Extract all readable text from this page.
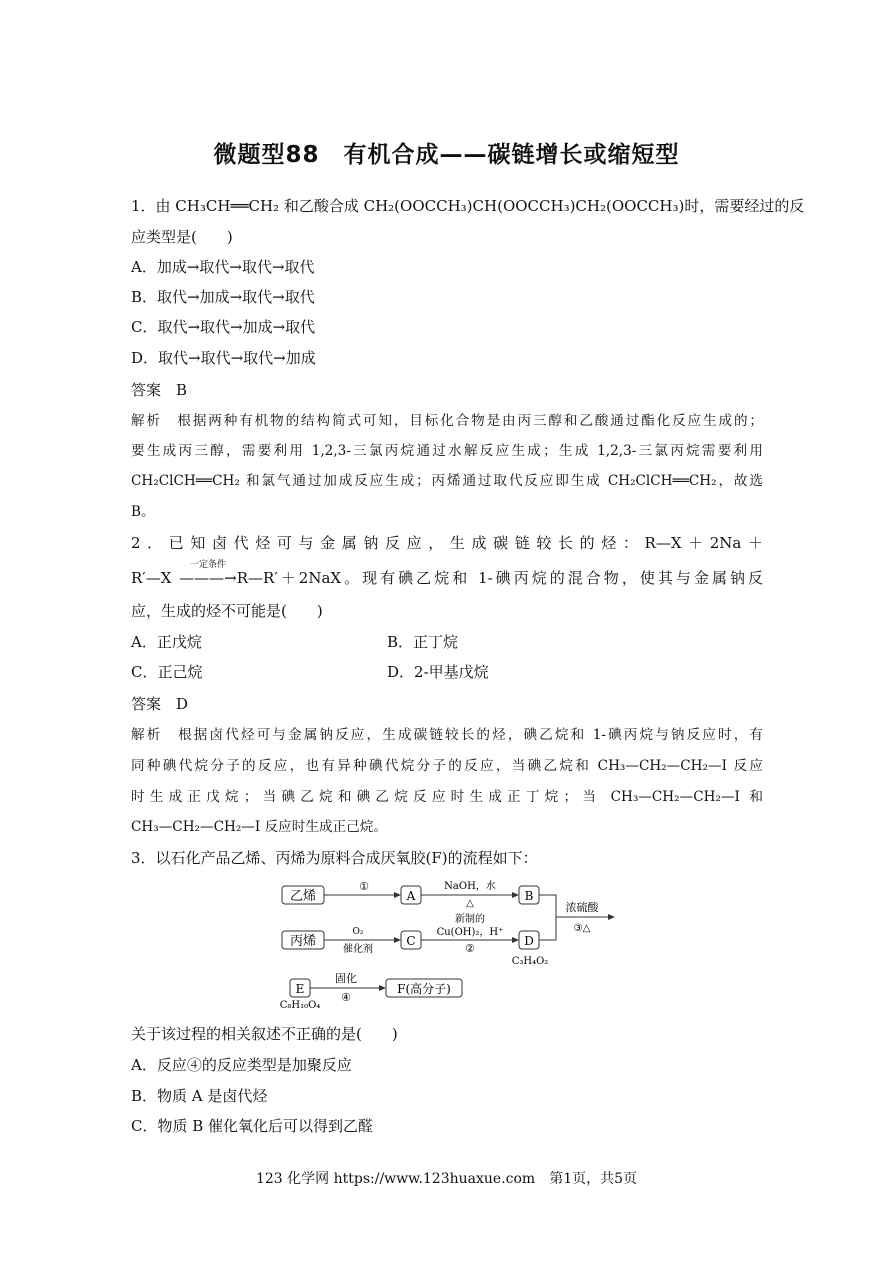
微题型88　有机合成——碳链增长或缩短型
1．由 CH₃CH══CH₂ 和乙酸合成 CH₂(OOCCH₃)CH(OOCCH₃)CH₂(OOCCH₃)时，需要经过的反
应类型是(　　)
A．加成→取代→取代→取代
B．取代→加成→取代→取代
C．取代→取代→加成→取代
D．取代→取代→取代→加成
答案　B
解析　根据两种有机物的结构简式可知，目标化合物是由丙三醇和乙酸通过酯化反应生成的；
要生成丙三醇，需要利用 1,2,3-三氯丙烷通过水解反应生成；生成 1,2,3-三氯丙烷需要利用
CH₂ClCH══CH₂ 和氯气通过加成反应生成；丙烯通过取代反应即生成 CH₂ClCH══CH₂，故选
B。
2．已知卤代烃可与金属钠反应，生成碳链较长的烃：R—X＋2Na＋
一定条件
R′—X ———→R—R′＋2NaX。现有碘乙烷和 1-碘丙烷的混合物，使其与金属钠反
应，生成的烃不可能是(　　)
A．正戊烷	B．正丁烷
C．正己烷	D．2-甲基戊烷
答案　D
解析　根据卤代烃可与金属钠反应，生成碳链较长的烃，碘乙烷和 1-碘丙烷与钠反应时，有
同种碘代烷分子的反应，也有异种碘代烷分子的反应，当碘乙烷和 CH₃—CH₂—CH₂—I 反应
时生成正戊烷；当碘乙烷和碘乙烷反应时生成正丁烷；当 CH₃—CH₂—CH₂—I 和
CH₃—CH₂—CH₂—I 反应时生成正己烷。
3．以石化产品乙烯、丙烯为原料合成厌氧胶(F)的流程如下：
乙烯
①
A
NaOH，水
△
B
浓硫酸
③△
丙烯
O₂
催化剂
C
新制的
Cu(OH)₂，H⁺
②
D
C₃H₄O₂
E
C₈H₁₀O₄
固化
④
F(高分子)
关于该过程的相关叙述不正确的是(　　)
A．反应④的反应类型是加聚反应
B．物质 A 是卤代烃
C．物质 B 催化氧化后可以得到乙醛
123 化学网 https://www.123huaxue.com　第1页，共5页
